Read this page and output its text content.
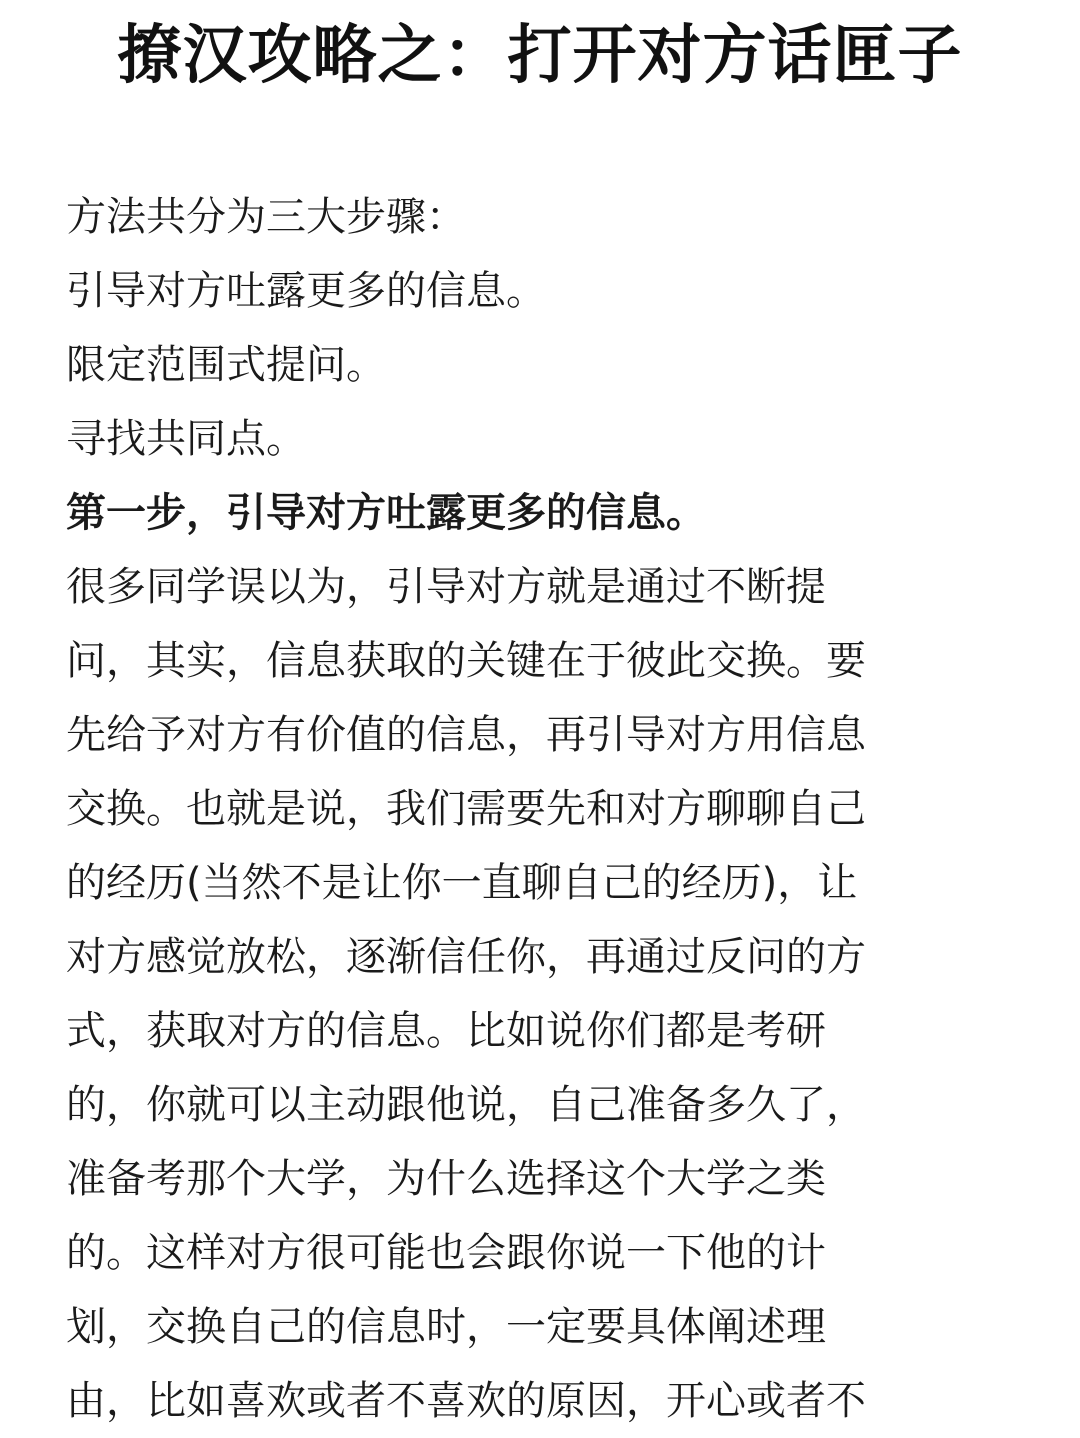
撩汉攻略之：打开对方话匣子
方法共分为三大步骤：
引导对方吐露更多的信息。
限定范围式提问。
寻找共同点。
第一步，引导对方吐露更多的信息。
很多同学误以为，引导对方就是通过不断提
问，其实，信息获取的关键在于彼此交换。要
先给予对方有价值的信息，再引导对方用信息
交换。也就是说，我们需要先和对方聊聊自己
的经历(当然不是让你一直聊自己的经历)，让
对方感觉放松，逐渐信任你，再通过反问的方
式，获取对方的信息。比如说你们都是考研
的，你就可以主动跟他说，自己准备多久了，
准备考那个大学，为什么选择这个大学之类
的。这样对方很可能也会跟你说一下他的计
划，交换自己的信息时，一定要具体阐述理
由，比如喜欢或者不喜欢的原因，开心或者不
